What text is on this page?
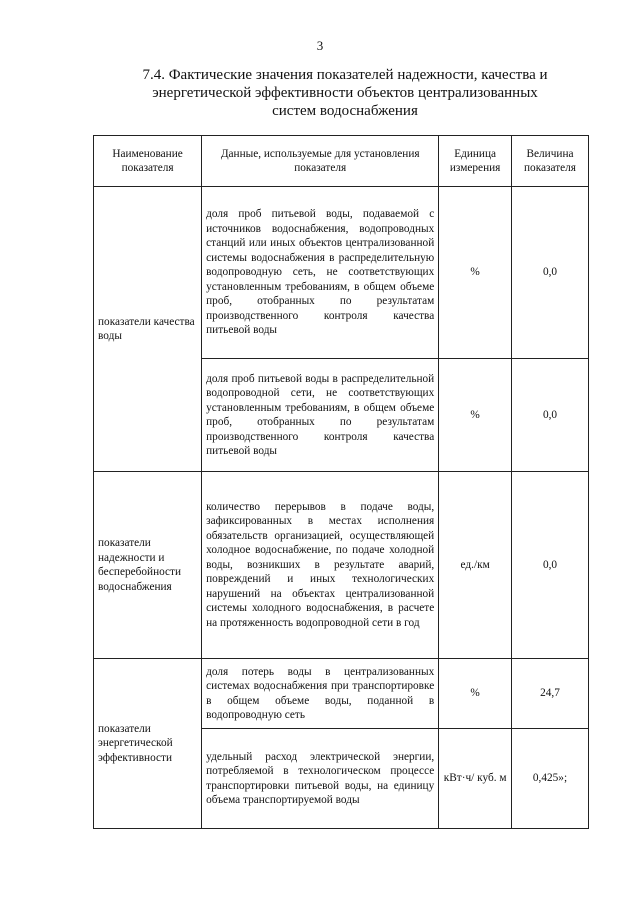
3
7.4. Фактические значения показателей надежности, качества и
энергетической эффективности объектов централизованных
систем водоснабжения
Наименование показателя	Данные, используемые для установления показателя	Единица измерения	Величина показателя
показатели качества воды	доля проб питьевой воды, подаваемой с источников водоснабжения, водопроводных станций или иных объектов централизованной системы водоснабжения в распределительную водопроводную сеть, не соответствующих установленным требованиям, в общем объеме проб, отобранных по результатам производственного контроля качества питьевой воды	%	0,0
	доля проб питьевой воды в распределительной водопроводной сети, не соответствующих установленным требованиям, в общем объеме проб, отобранных по результатам производственного контроля качества питьевой воды	%	0,0
показатели надежности и бесперебойности водоснабжения	количество перерывов в подаче воды, зафиксированных в местах исполнения обязательств организацией, осуществляющей холодное водоснабжение, по подаче холодной воды, возникших в результате аварий, повреждений и иных технологических нарушений на объектах централизованной системы холодного водоснабжения, в расчете на протяженность водопроводной сети в год	ед./км	0,0
показатели энергетической эффективности	доля потерь воды в централизованных системах водоснабжения при транспортировке в общем объеме воды, поданной в водопроводную сеть	%	24,7
	удельный расход электрической энергии, потребляемой в технологическом процессе транспортировки питьевой воды, на единицу объема транспортируемой воды	кВт·ч/ куб. м	0,425»;
